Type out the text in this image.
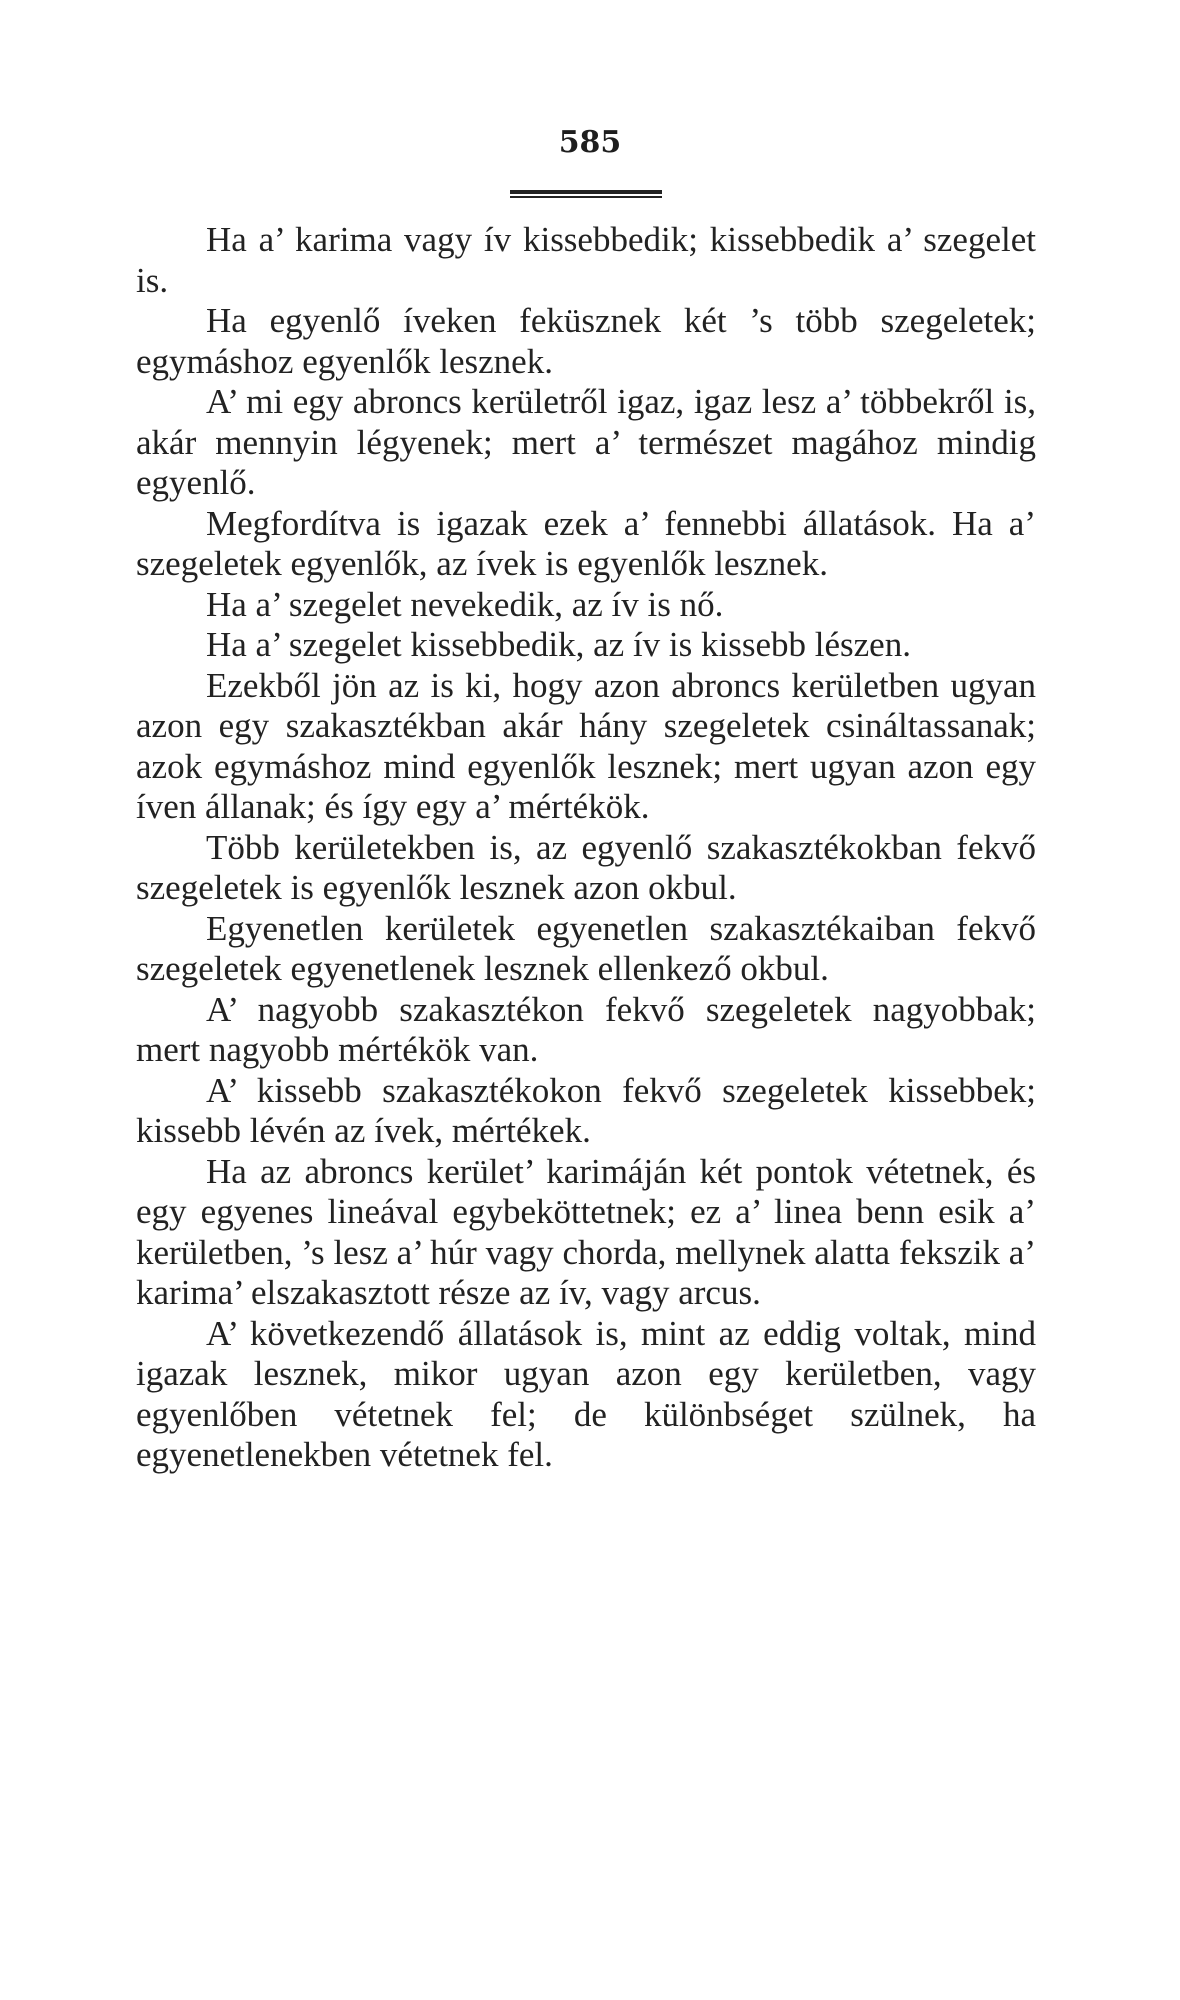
585

Ha a’ karima vagy ív kissebbedik; kissebbedik a’ szegelet is.

Ha egyenlő íveken feküsznek két ’s több szegeletek; egymáshoz egyenlők lesznek.

A’ mi egy abroncs kerületről igaz, igaz lesz a’ többekről is, akár mennyin légyenek; mert a’ természet magához mindig egyenlő.

Megfordítva is igazak ezek a’ fennebbi állatások. Ha a’ szegeletek egyenlők, az ívek is egyenlők lesznek.

Ha a’ szegelet nevekedik, az ív is nő.

Ha a’ szegelet kissebbedik, az ív is kissebb lészen.

Ezekből jön az is ki, hogy azon abroncs kerületben ugyan azon egy szakasztékban akár hány szegeletek csináltassanak; azok egymáshoz mind egyenlők lesznek; mert ugyan azon egy íven állanak; és így egy a’ mértékök.

Több kerületekben is, az egyenlő szakasztékokban fekvő szegeletek is egyenlők lesznek azon okbul.

Egyenetlen kerületek egyenetlen szakasztékaiban fekvő szegeletek egyenetlenek lesznek ellenkező okbul.

A’ nagyobb szakasztékon fekvő szegeletek nagyobbak; mert nagyobb mértékök van.

A’ kissebb szakasztékokon fekvő szegeletek kissebbek; kissebb lévén az ívek, mértékek.

Ha az abroncs kerület’ karimáján két pontok vétetnek, és egy egyenes lineával egybeköttetnek; ez a’ linea benn esik a’ kerületben, ’s lesz a’ húr vagy chorda, mellynek alatta fekszik a’ karima’ elszakasztott része az ív, vagy arcus.

A’ következendő állatások is, mint az eddig voltak, mind igazak lesznek, mikor ugyan azon egy kerületben, vagy egyenlőben vétetnek fel; de különbséget szülnek, ha egyenetlenekben vétetnek fel.
